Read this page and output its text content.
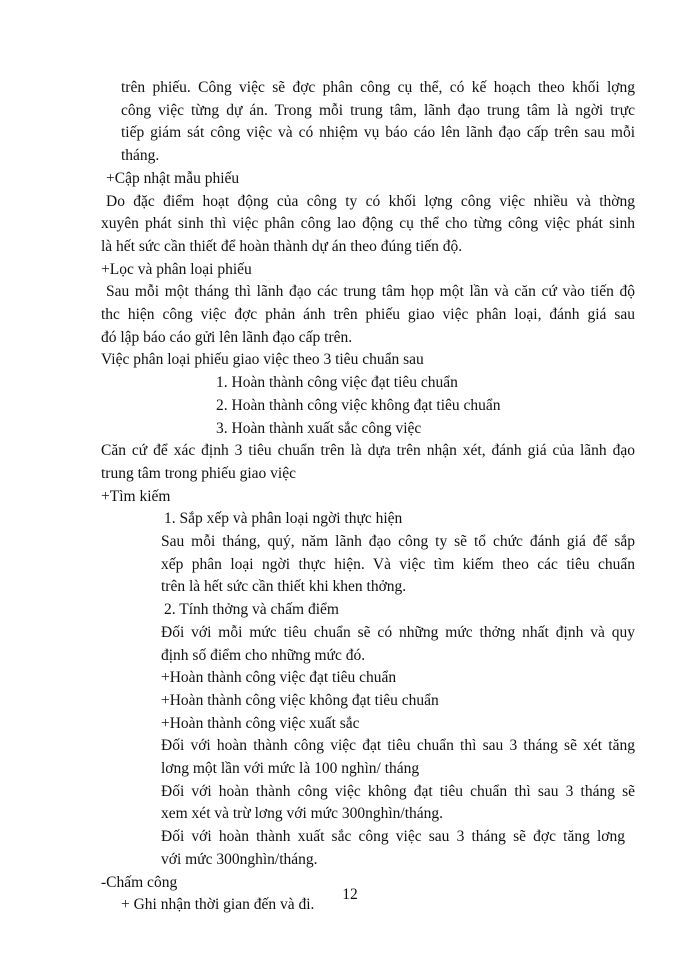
trên phiếu. Công việc sẽ đợc phân công cụ thể, có kế hoạch theo khối lợng
công việc từng dự án. Trong mỗi trung tâm, lãnh đạo trung tâm là ngời trực
tiếp giám sát công việc và có nhiệm vụ báo cáo lên lãnh đạo cấp trên sau mỗi
tháng.
+Cập nhật mẫu phiếu
Do đặc điểm hoạt động của công ty có khối lợng công việc nhiều và thờng
xuyên phát sinh thì việc phân công lao động cụ thể cho từng công việc phát sinh
là hết sức cần thiết để hoàn thành dự án theo đúng tiến độ.
+Lọc và phân loại phiếu
Sau mỗi một tháng thì lãnh đạo các trung tâm họp một lần và căn cứ vào tiến độ
thc hiện công việc đợc phản ánh trên phiếu giao việc phân loại, đánh giá sau
đó lập báo cáo gửi lên lãnh đạo cấp trên.
Việc phân loại phiếu giao việc theo 3 tiêu chuẩn sau
1. Hoàn thành công việc đạt tiêu chuẩn
2. Hoàn thành công việc không đạt tiêu chuẩn
3. Hoàn thành xuất sắc công việc
Căn cứ để xác định 3 tiêu chuẩn trên là dựa trên nhận xét, đánh giá của lãnh đạo
trung tâm trong phiếu giao việc
+Tìm kiếm
1. Sắp xếp và phân loại ngời thực hiện
Sau mỗi tháng, quý, năm lãnh đạo công ty sẽ tổ chức đánh giá để sắp
xếp phân loại ngời thực hiện. Và việc tìm kiếm theo các tiêu chuẩn
trên là hết sức cần thiết khi khen thởng.
2. Tính thởng và chấm điểm
Đối với mỗi mức tiêu chuẩn sẽ có những mức thởng nhất định và quy
định số điểm cho những mức đó.
+Hoàn thành công việc đạt tiêu chuẩn
+Hoàn thành công việc không đạt tiêu chuẩn
+Hoàn thành công việc xuất sắc
Đối với hoàn thành công việc đạt tiêu chuẩn thì sau 3 tháng sẽ xét tăng
lơng một lần với mức là 100 nghìn/ tháng
Đối với hoàn thành công việc không đạt tiêu chuẩn thì sau 3 tháng sẽ
xem xét và trừ lơng với mức 300nghìn/tháng.
Đối với hoàn thành xuất sắc công việc sau 3 tháng sẽ đợc tăng lơng
với mức 300nghìn/tháng.
-Chấm công
+ Ghi nhận thời gian đến và đi.
12
